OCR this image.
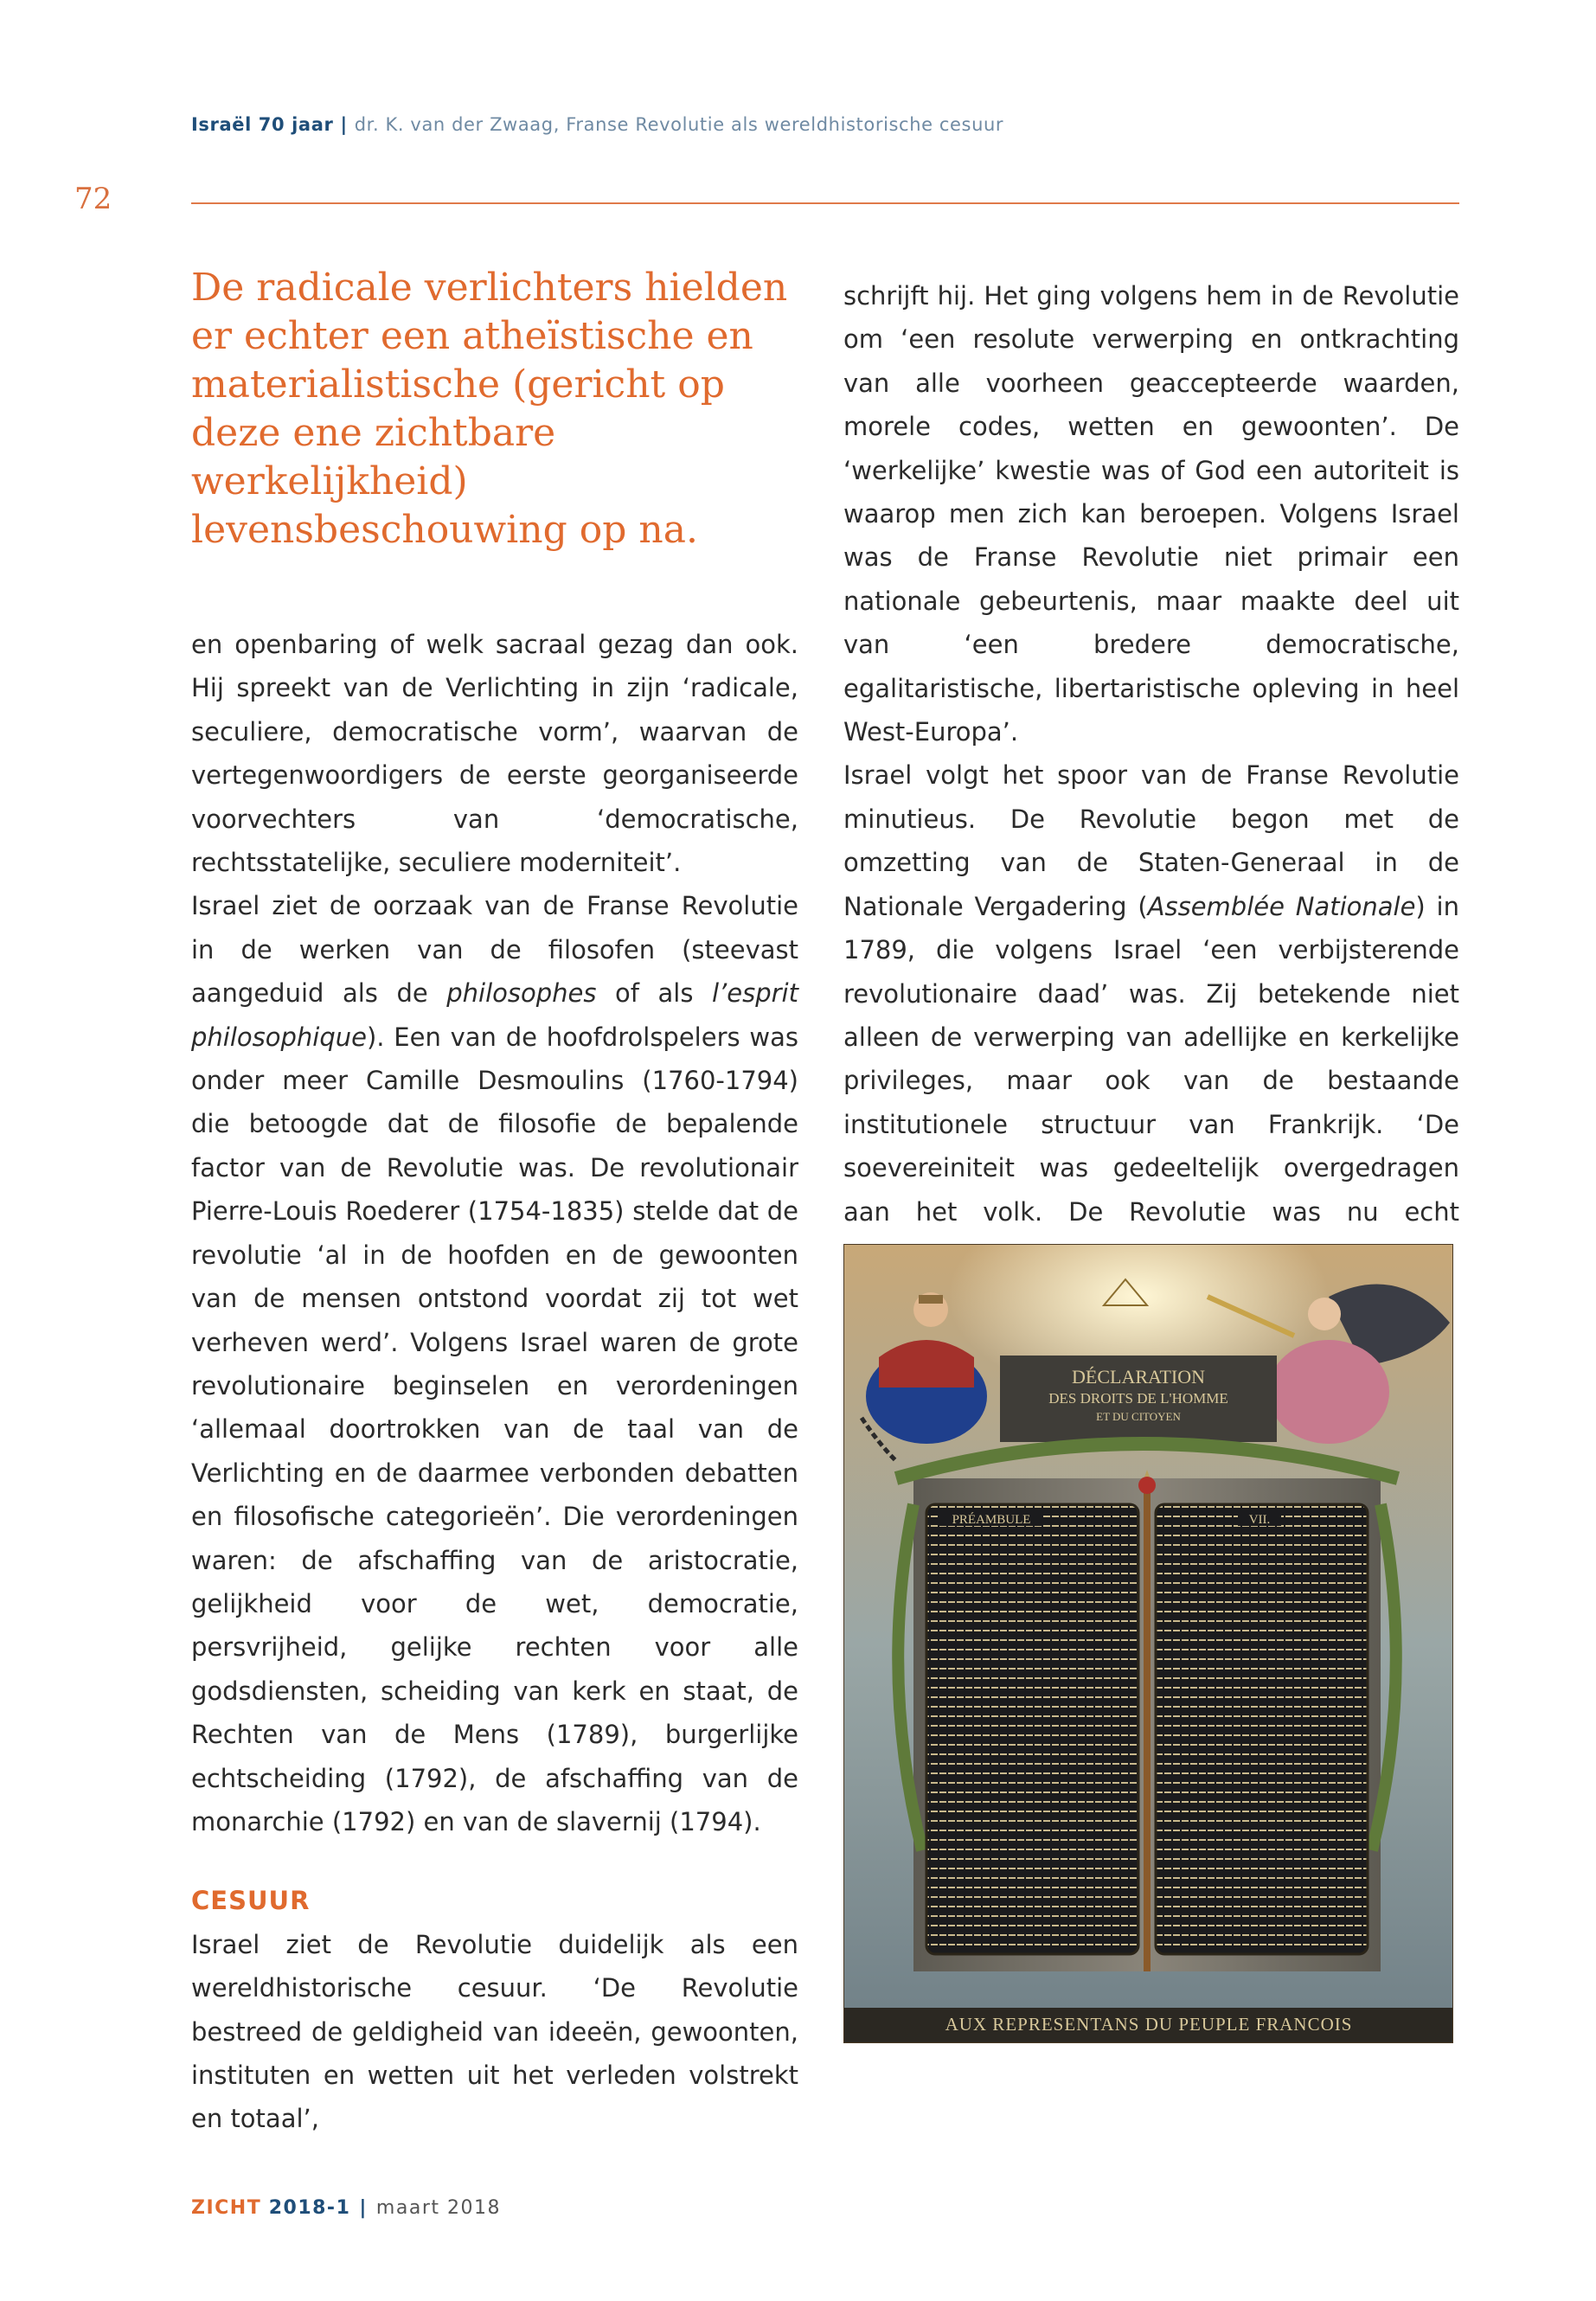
Israël 70 jaar | dr. K. van der Zwaag, Franse Revolutie als wereldhistorische cesuur
72
De radicale verlichters hielden er echter een atheïstische en materialistische (gericht op deze ene zichtbare werkelijkheid) levensbeschouwing op na.

en openbaring of welk sacraal gezag dan ook. Hij spreekt van de Verlichting in zijn ‘radicale, seculiere, democratische vorm’, waarvan de vertegenwoordigers de eerste georganiseerde voorvechters van ‘democratische, rechtsstatelijke, seculiere moderniteit’.

Israel ziet de oorzaak van de Franse Revolutie in de werken van de filosofen (steevast aangeduid als de philosophes of als l’esprit philosophique). Een van de hoofdrolspelers was onder meer Camille Desmoulins (1760-1794) die betoogde dat de filosofie de bepalende factor van de Revolutie was. De revolutionair Pierre-Louis Roederer (1754-1835) stelde dat de revolutie ‘al in de hoofden en de gewoonten van de mensen ontstond voordat zij tot wet verheven werd’. Volgens Israel waren de grote revolutionaire beginselen en verordeningen ‘allemaal doortrokken van de taal van de Verlichting en de daarmee verbonden debatten en filosofische categorieën’. Die verordeningen waren: de afschaffing van de aristocratie, gelijkheid voor de wet, democratie, persvrijheid, gelijke rechten voor alle godsdiensten, scheiding van kerk en staat, de Rechten van de Mens (1789), burgerlijke echtscheiding (1792), de afschaffing van de monarchie (1792) en van de slavernij (1794).

CESUUR

Israel ziet de Revolutie duidelijk als een wereldhistorische cesuur. ‘De Revolutie bestreed de geldigheid van ideeën, gewoonten, instituten en wetten uit het verleden volstrekt en totaal’,

schrijft hij. Het ging volgens hem in de Revolutie om ‘een resolute verwerping en ontkrachting van alle voorheen geaccepteerde waarden, morele codes, wetten en gewoonten’. De ‘werkelijke’ kwestie was of God een autoriteit is waarop men zich kan beroepen. Volgens Israel was de Franse Revolutie niet primair een nationale gebeurtenis, maar maakte deel uit van ‘een bredere democratische, egalitaristische, libertaristische opleving in heel West-Europa’.

Israel volgt het spoor van de Franse Revolutie minutieus. De Revolutie begon met de omzetting van de Staten-Generaal in de Nationale Vergadering (Assemblée Nationale) in 1789, die volgens Israel ‘een verbijsterende revolutionaire daad’ was. Zij betekende niet alleen de verwerping van adellijke en kerkelijke privileges, maar ook van de bestaande institutionele structuur van Frankrijk. ‘De soevereiniteit was gedeeltelijk overgedragen aan het volk. De Revolutie was nu echt

DÉCLARATION
DES DROITS DE L'HOMME
ET DU CITOYEN
PRÉAMBULE	VII.
AUX REPRESENTANS DU PEUPLE FRANCOIS
ZICHT 2018-1 | maart 2018
